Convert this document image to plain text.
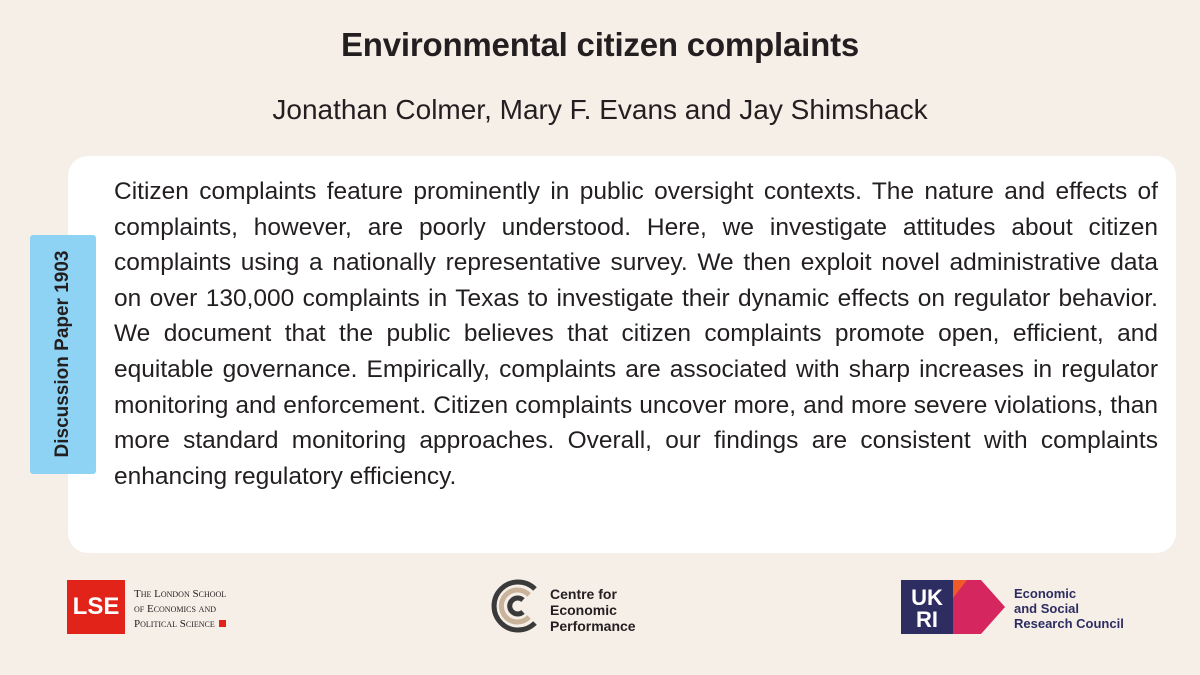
Environmental citizen complaints
Jonathan Colmer, Mary F. Evans and Jay Shimshack

Citizen complaints feature prominently in public oversight contexts. The nature and effects of complaints, however, are poorly understood. Here, we investigate attitudes about citizen complaints using a nationally representative survey. We then exploit novel administrative data on over 130,000 complaints in Texas to investigate their dynamic effects on regulator behavior. We document that the public believes that citizen complaints promote open, efficient, and equitable governance. Empirically, complaints are associated with sharp increases in regulator monitoring and enforcement. Citizen complaints uncover more, and more severe violations, than more standard monitoring approaches. Overall, our findings are consistent with complaints enhancing regulatory efficiency.

Discussion Paper 1903
LSE	The London School
of Economics and
Political Science
Centre for
Economic
Performance
UK
RI
Economic
and Social
Research Council
